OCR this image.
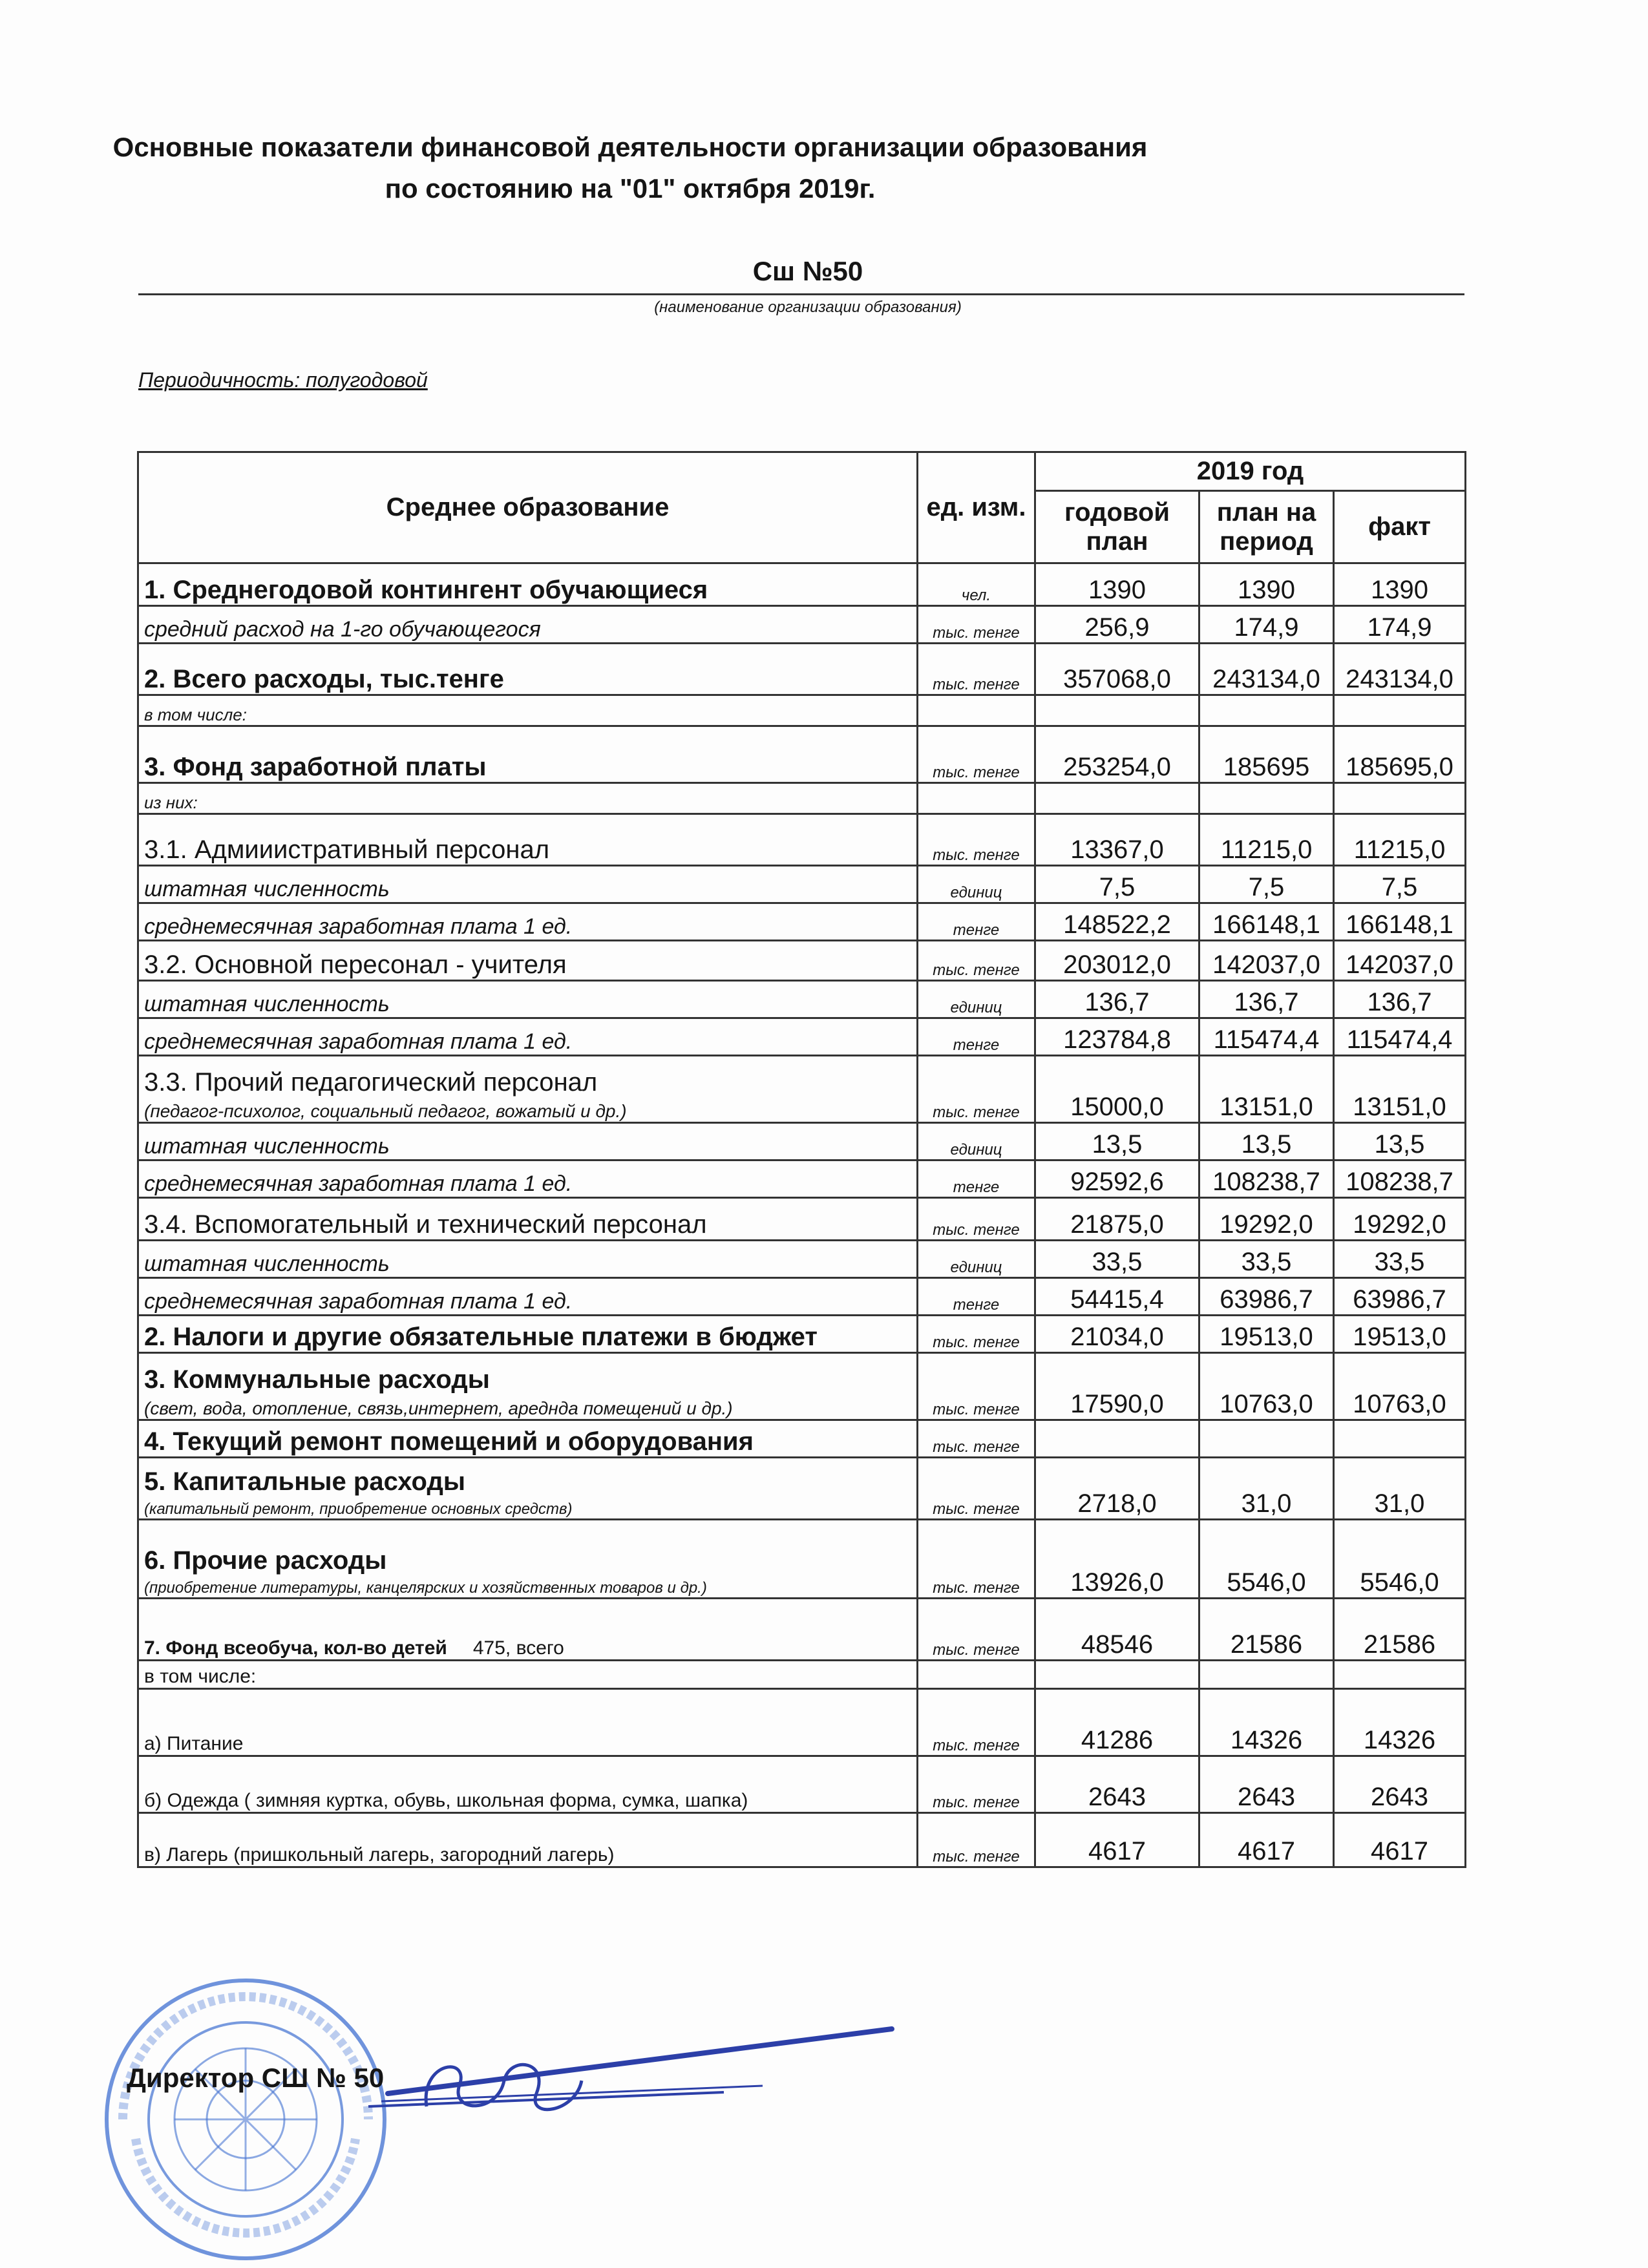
Основные показатели финансовой деятельности организации образования
по состоянию на "01" октября 2019г.
Сш №50
(наименование организации образования)
Периодичность: полугодовой
Среднее образование	ед. изм.	2019 год		
		годовой план	план на период	факт
1. Среднегодовой контингент обучающиеся	чел.	1390	1390	1390
средний расход на 1-го обучающегося	тыс. тенге	256,9	174,9	174,9
2. Всего расходы, тыс.тенге	тыс. тенге	357068,0	243134,0	243134,0
в том числе:				
3. Фонд заработной платы	тыс. тенге	253254,0	185695	185695,0
из них:				
3.1. Адмииистративный персонал	тыс. тенге	13367,0	11215,0	11215,0
штатная численность	единиц	7,5	7,5	7,5
среднемесячная заработная плата 1 ед.	тенге	148522,2	166148,1	166148,1
3.2. Основной пересонал - учителя	тыс. тенге	203012,0	142037,0	142037,0
штатная численность	единиц	136,7	136,7	136,7
среднемесячная заработная плата 1 ед.	тенге	123784,8	115474,4	115474,4
3.3. Прочий педагогический персонал
(педагог-психолог, социальный педагог, вожатый и др.)	тыс. тенге	15000,0	13151,0	13151,0
штатная численность	единиц	13,5	13,5	13,5
среднемесячная заработная плата 1 ед.	тенге	92592,6	108238,7	108238,7
3.4. Вспомогательный и технический персонал	тыс. тенге	21875,0	19292,0	19292,0
штатная численность	единиц	33,5	33,5	33,5
среднемесячная заработная плата 1 ед.	тенге	54415,4	63986,7	63986,7
2. Налоги и другие обязательные платежи в бюджет	тыс. тенге	21034,0	19513,0	19513,0
3. Коммунальные расходы
(свет, вода, отопление, связь,интернет, ареднда помещений и др.)	тыс. тенге	17590,0	10763,0	10763,0
4. Текущий ремонт помещений и оборудования	тыс. тенге			
5. Капитальные расходы
(капитальный ремонт, приобретение основных средств)	тыс. тенге	2718,0	31,0	31,0
6. Прочие расходы
(приобретение литературы, канцелярских и хозяйственных товаров и др.)	тыс. тенге	13926,0	5546,0	5546,0
7. Фонд всеобуча, кол-во детей 475, всего	тыс. тенге	48546	21586	21586
в том числе:				
а) Питание	тыс. тенге	41286	14326	14326
б) Одежда ( зимняя куртка, обувь, школьная форма, сумка, шапка)	тыс. тенге	2643	2643	2643
в) Лагерь (пришкольный лагерь, загородний лагерь)	тыс. тенге	4617	4617	4617
Директор СШ № 50
